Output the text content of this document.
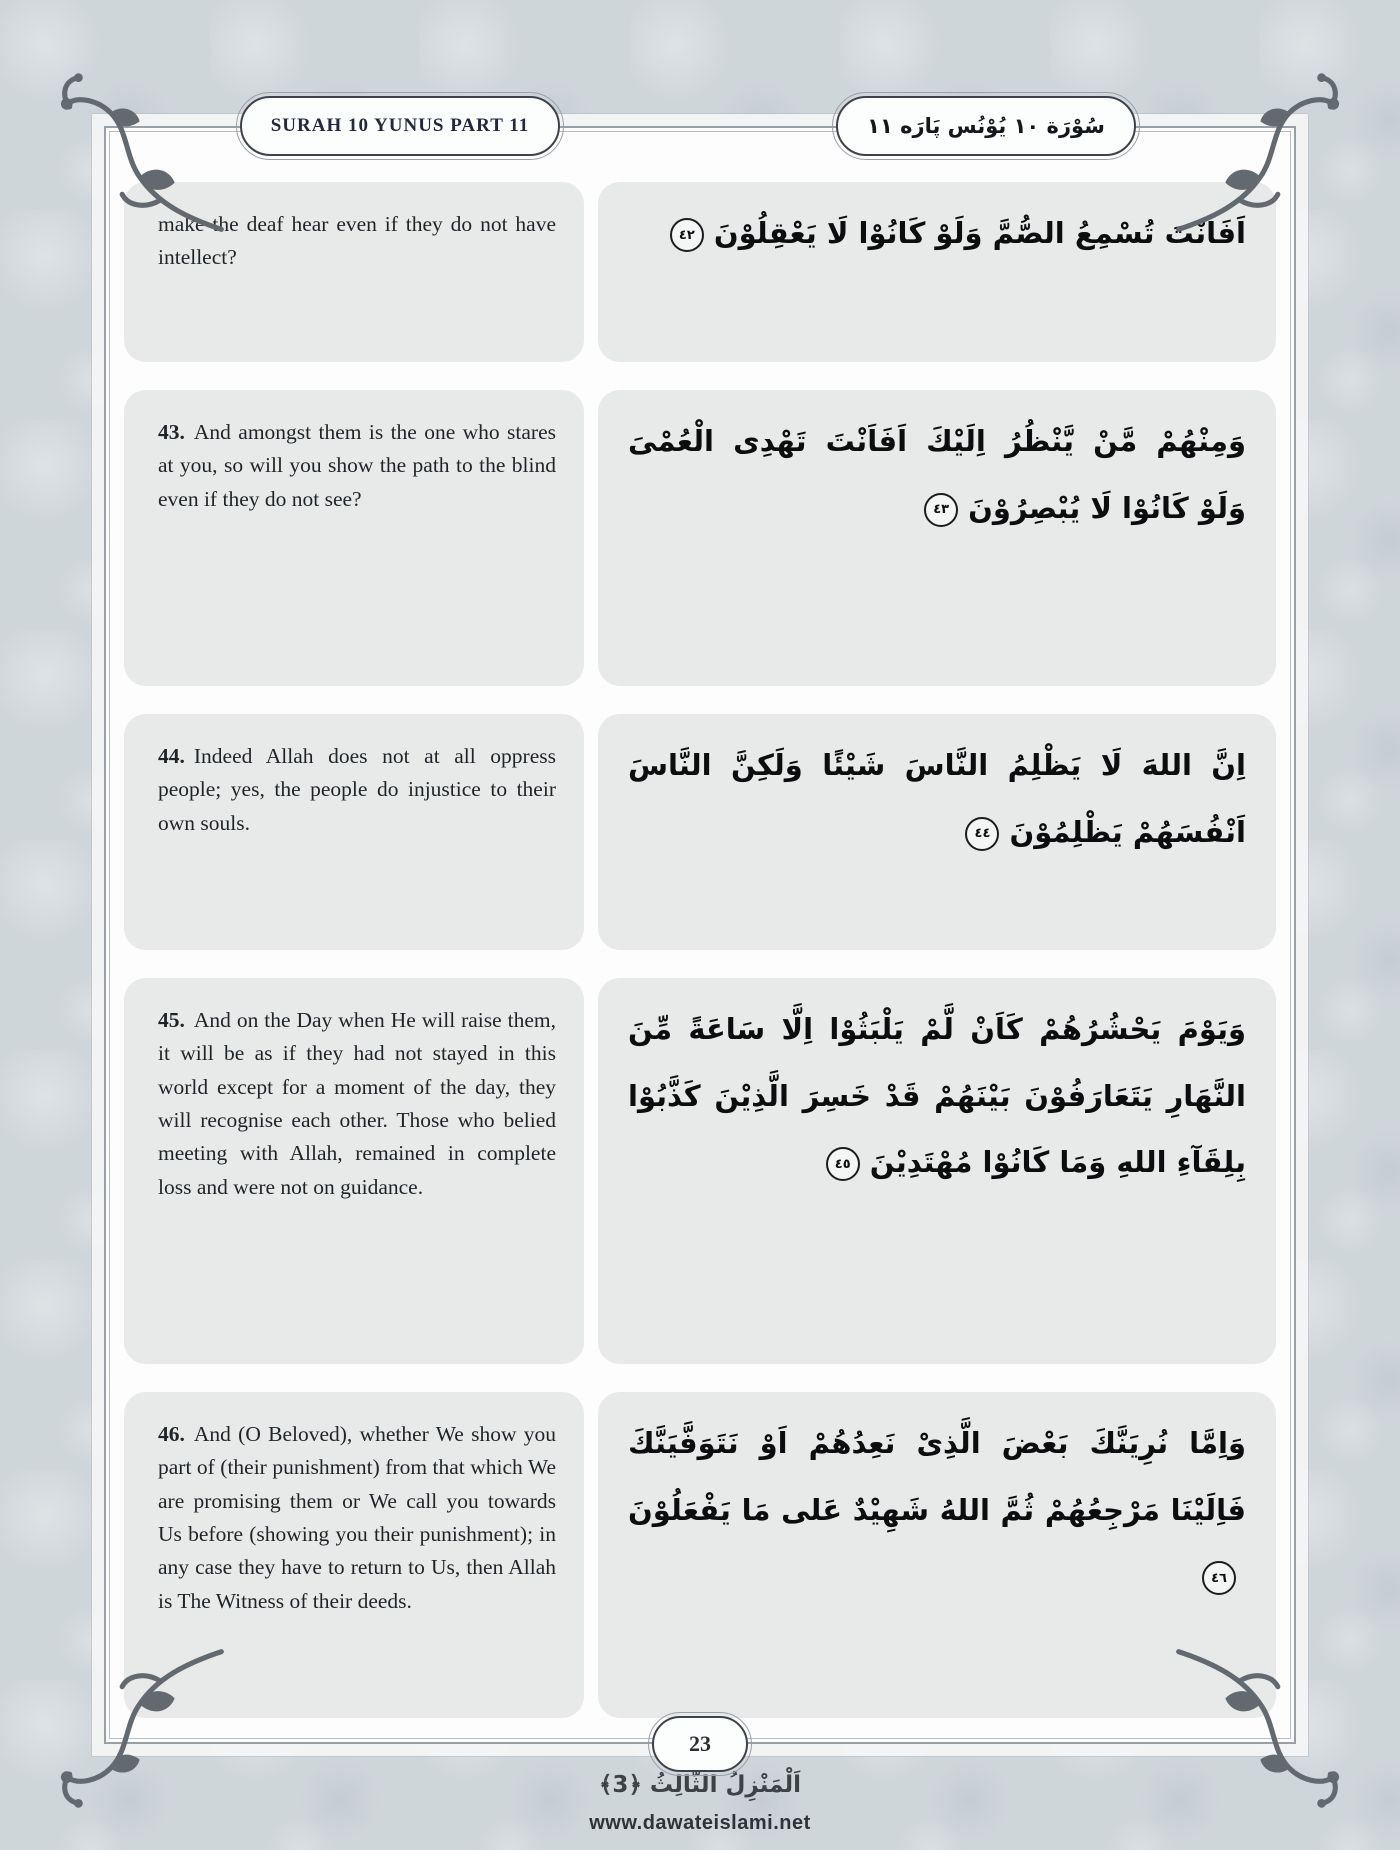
make the deaf hear even if they do not have intellect?
اَفَاَنْتَ تُسْمِعُ الصُّمَّ وَلَوْ كَانُوْا لَا يَعْقِلُوْنَ٤٢
43. And amongst them is the one who stares at you, so will you show the path to the blind even if they do not see?
وَمِنْهُمْ مَّنْ يَّنْظُرُ اِلَيْكَ اَفَاَنْتَ تَهْدِى الْعُمْىَ وَلَوْ كَانُوْا لَا يُبْصِرُوْنَ٤٣
44. Indeed Allah does not at all oppress people; yes, the people do injustice to their own souls.
اِنَّ اللهَ لَا يَظْلِمُ النَّاسَ شَيْئًا وَلَكِنَّ النَّاسَ اَنْفُسَهُمْ يَظْلِمُوْنَ٤٤
45. And on the Day when He will raise them, it will be as if they had not stayed in this world except for a moment of the day, they will recognise each other. Those who belied meeting with Allah, remained in complete loss and were not on guidance.
وَيَوْمَ يَحْشُرُهُمْ كَاَنْ لَّمْ يَلْبَثُوْا اِلَّا سَاعَةً مِّنَ النَّهَارِ يَتَعَارَفُوْنَ بَيْنَهُمْ قَدْ خَسِرَ الَّذِيْنَ كَذَّبُوْا بِلِقَآءِ اللهِ وَمَا كَانُوْا مُهْتَدِيْنَ٤٥
46. And (O Beloved), whether We show you part of (their punishment) from that which We are promising them or We call you towards Us before (showing you their punishment); in any case they have to return to Us, then Allah is The Witness of their deeds.
وَاِمَّا نُرِيَنَّكَ بَعْضَ الَّذِىْ نَعِدُهُمْ اَوْ نَتَوَفَّيَنَّكَ فَاِلَيْنَا مَرْجِعُهُمْ ثُمَّ اللهُ شَهِيْدٌ عَلى مَا يَفْعَلُوْنَ٤٦
SURAH 10 YUNUS PART 11	سُوْرَة ١٠ يُوْنُس پَارَه ١١
23
اَلْمَنْزِلُ الثَّالِثُ ﴿3﴾
www.dawateislami.net
